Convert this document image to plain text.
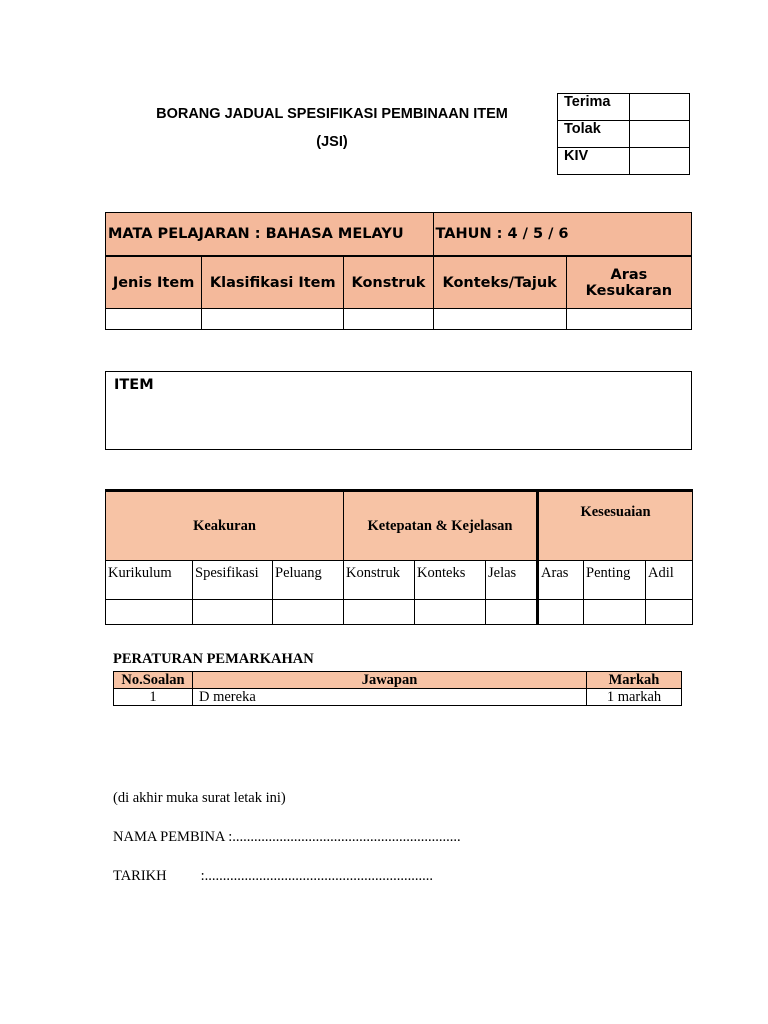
BORANG JADUAL SPESIFIKASI PEMBINAAN ITEM
(JSI)
Terima	
Tolak	
KIV	
MATA PELAJARAN : BAHASA MELAYU			TAHUN : 4 / 5 / 6	
Jenis Item	Klasifikasi Item	Konstruk	Konteks/Tajuk	Aras Kesukaran

ITEM
Keakuran			Ketepatan & Kejelasan			Kesesuaian		
Kurikulum	Spesifikasi	Peluang	Konstruk	Konteks	Jelas	Aras	Penting	Adil

PERATURAN PEMARKAHAN
No.Soalan	Jawapan	Markah
1	D mereka	1 markah
(di akhir muka surat letak ini)
NAMA PEMBINA :...............................................................
TARIKH :...............................................................
